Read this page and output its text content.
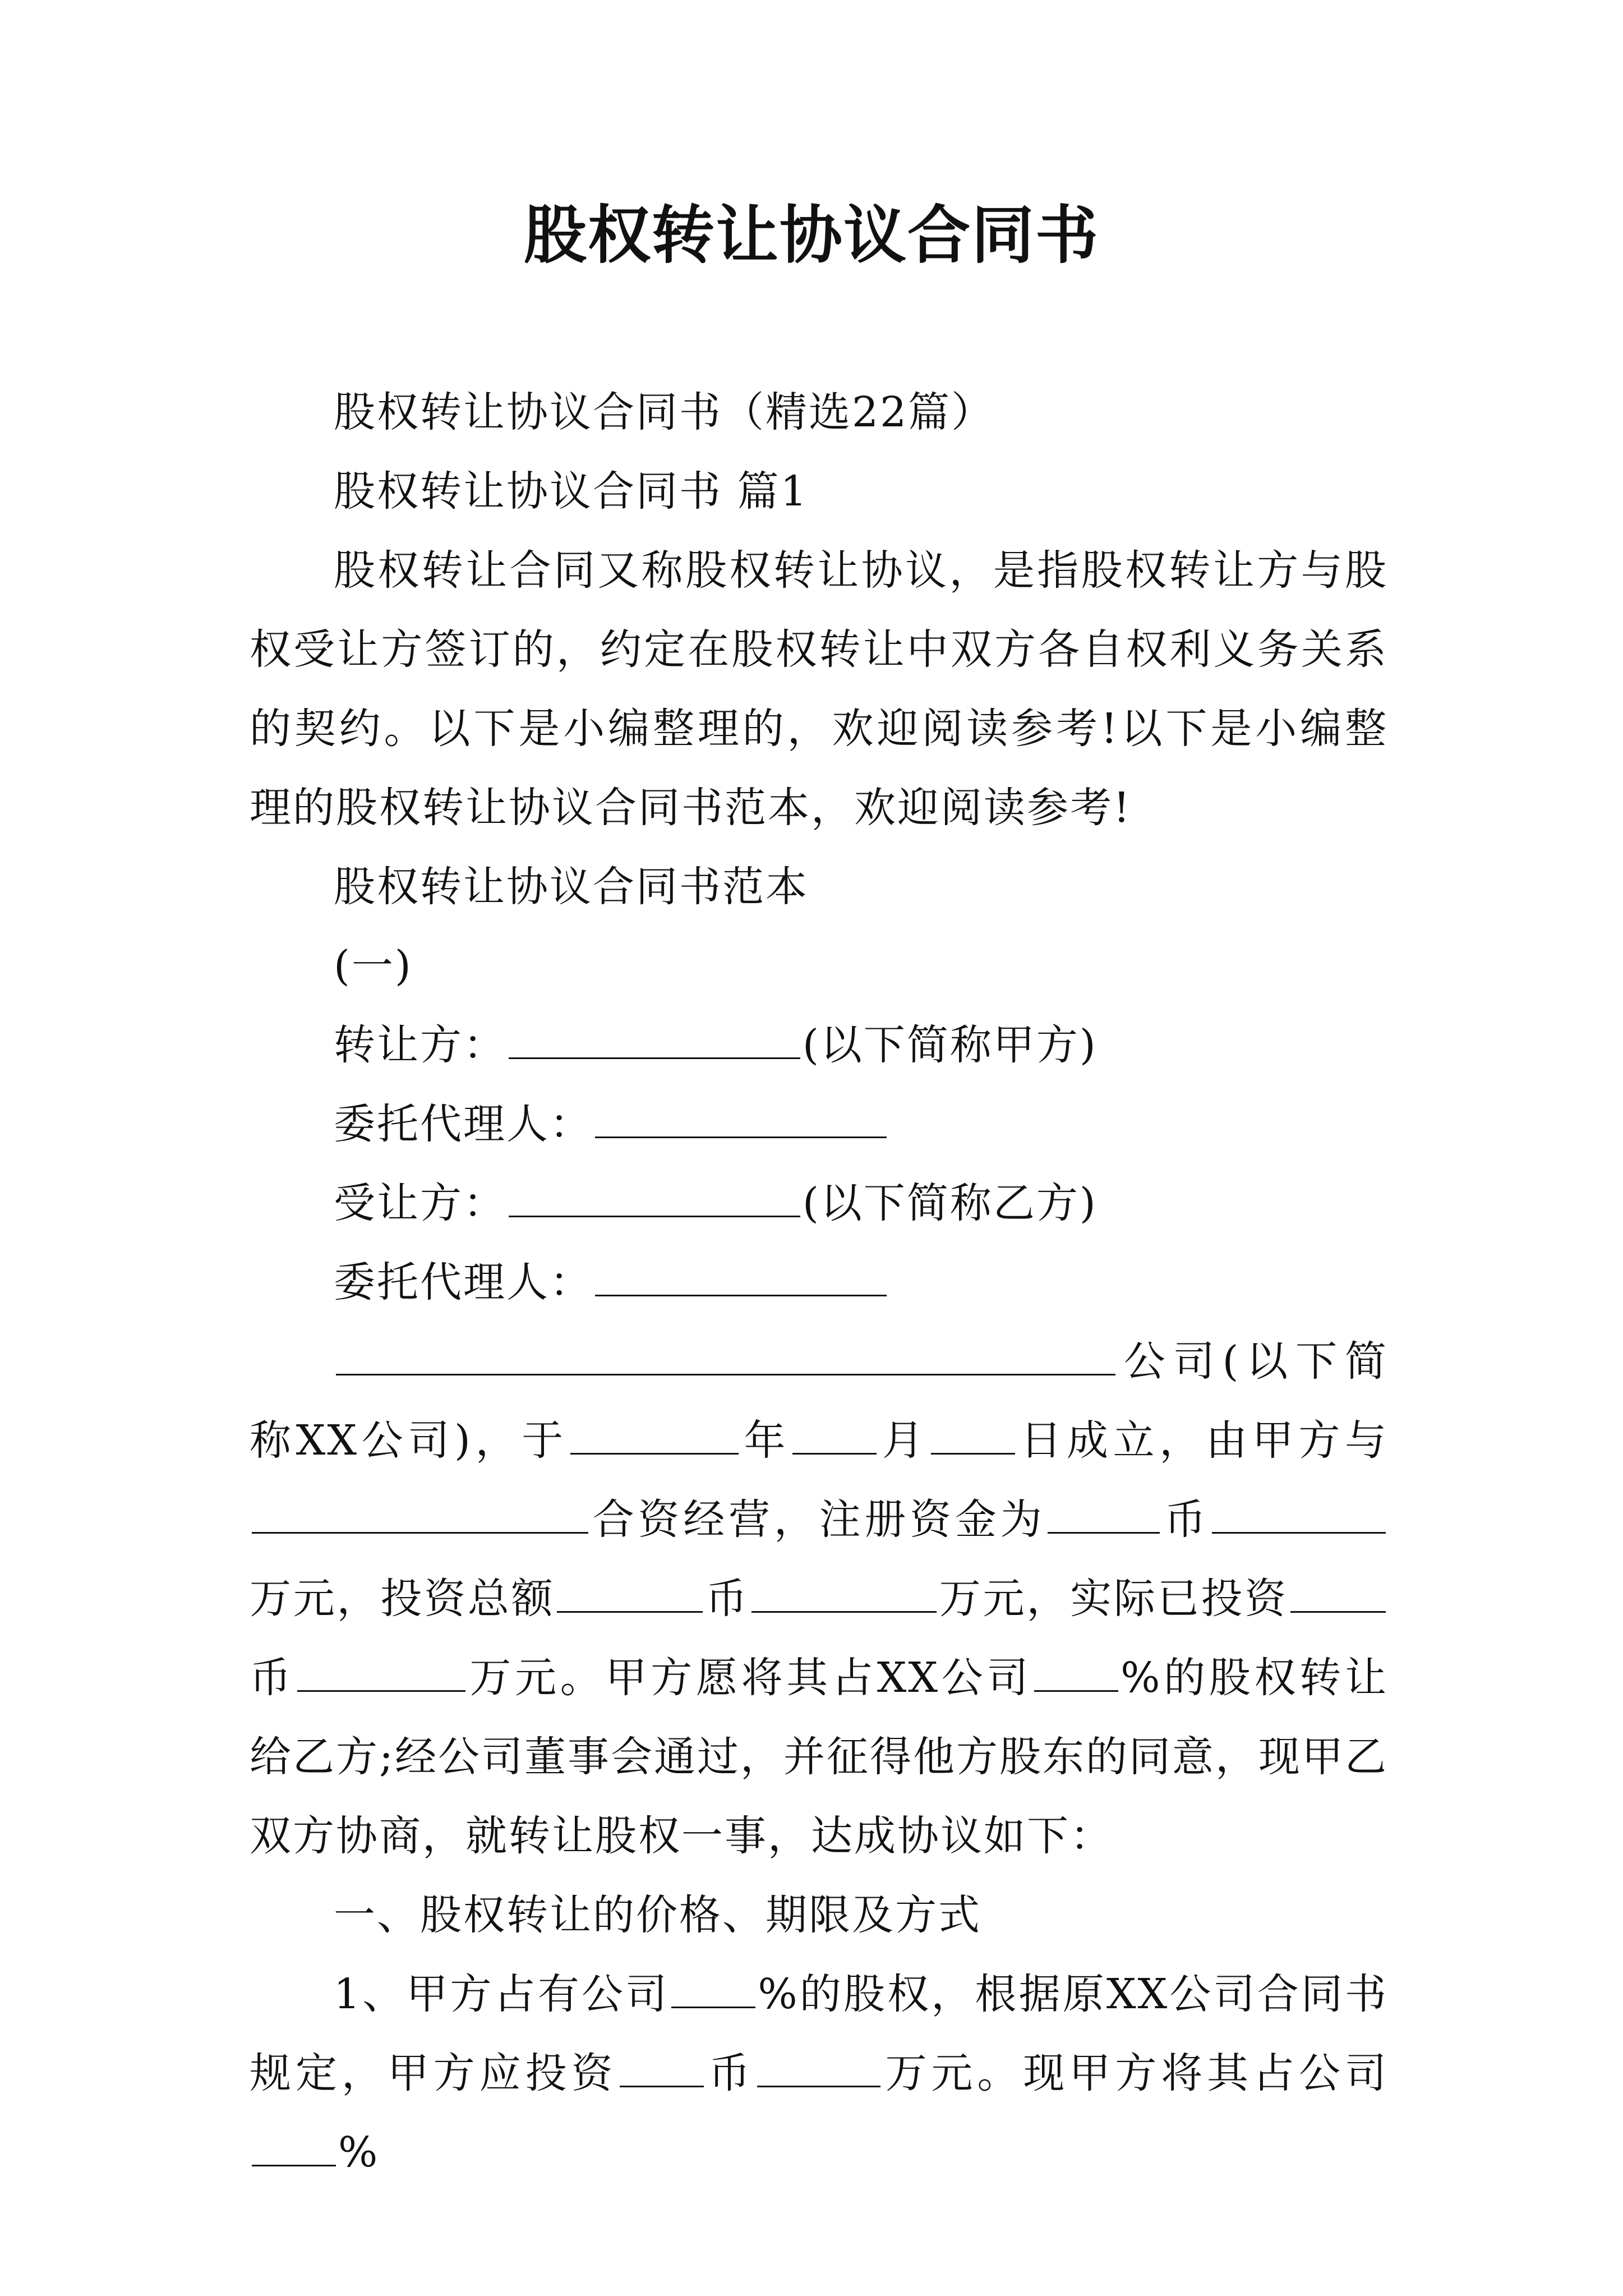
股权转让协议合同书

股权转让协议合同书（精选22篇）

股权转让协议合同书 篇1

股权转让合同又称股权转让协议，是指股权转让方与股权受让方签订的，约定在股权转让中双方各自权利义务关系的契约。以下是小编整理的，欢迎阅读参考!以下是小编整理的股权转让协议合同书范本，欢迎阅读参考!

股权转让协议合同书范本

(一)

转让方：	(以下简称甲方)

委托代理人：

受让方：	(以下简称乙方)

委托代理人：

公司(以下简称XX公司)，于	年 月 日成立，由甲方与合资经营，注册资金为	币万元，投资总额	币	万元，实际已投资币	万元。甲方愿将其占XX公司 %的股权转让给乙方;经公司董事会通过，并征得他方股东的同意，现甲乙双方协商，就转让股权一事，达成协议如下：

一、股权转让的价格、期限及方式

1、甲方占有公司 %的股权，根据原XX公司合同书规定，甲方应投资 币	万元。现甲方将其占公司%
